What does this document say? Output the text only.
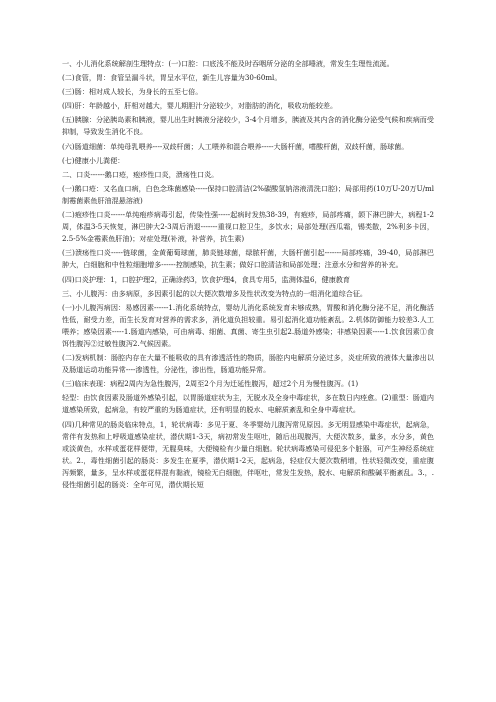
一、小儿消化系统解剖生理特点：(一)口腔：口底浅不能及时吞咽所分泌的全部唾液，常发生生理性流涎。

(二)食管，胃：食管呈漏斗状，胃呈水平位，新生儿容量为30-60ml。

(三)肠：相对成人较长，为身长的五至七倍。

(四)肝：年龄越小，肝相对越大，婴儿期胆汁分泌较少，对脂肪的消化，吸收功能较差。

(五)胰腺：分泌胰岛素和胰液，婴儿出生时胰液分泌较少，3-4个月增多，胰液及其内含的消化酶分泌受气候和疾病而受抑制，导致发生消化不良。

(六)肠道细菌：单纯母乳喂养----双歧杆菌；人工喂养和混合喂养-----大肠杆菌，嗜酸杆菌，双歧杆菌，肠球菌。

(七)健康小儿粪便：

二、口炎------鹅口疮，疱疹性口炎，溃疡性口炎。

(一)鹅口疮：又名血口病，白色念珠菌感染-----保持口腔清洁(2%碳酸氢钠溶液清洗口腔)；局部用药(10万U-20万U/ml制霉菌素鱼肝油混悬溶液)

(二)疱疹性口炎------单纯疱疹病毒引起，传染性强-----起病时发热38-39，有疱疹，局部疼痛，颌下淋巴肿大，病程1-2周，体温3-5天恢复，淋巴肿大2-3周后消退-------重视口腔卫生，多饮水；局部处理(西瓜霜，锡类散，2%利多卡因，2.5-5%金霉素鱼肝油)；对症处理(补液，补营养，抗生素)

(三)溃疡性口炎-----链球菌，金黄葡萄球菌，肺炎链球菌，绿脓杆菌，大肠杆菌引起-------局部疼痛，39-40，局部淋巴肿大，白细胞和中性粒细胞增多------控制感染，抗生素；做好口腔清洁和局部处理；注意水分和营养的补充。

(四)口炎护理：1，口腔护理2，正确涂药3，饮食护理4，食具专用5，监测体温6，健康教育

三、小儿腹泻：由多病原，多因素引起的以大便次数增多及性状改变为特点的一组消化道综合征。

(一)小儿腹泻病因：易感因素------1.消化系统特点，婴幼儿消化系统发育未够成熟，胃酸和消化酶分泌不足，消化酶活性低，耐受力差，而生长发育对营养的需求多，消化道负担较重。易引起消化道功能紊乱。2.机体防御能力较差3.人工喂养；感染因素-----1.肠道内感染，可由病毒、细菌、真菌、寄生虫引起2.肠道外感染；非感染因素-----1.饮食因素①食饵性腹泻②过敏性腹泻2.气候因素。

(二)发病机制：肠腔内存在大量不能吸收的具有渗透活性的物质，肠腔内电解质分泌过多，炎症所致的液体大量渗出以及肠道运动功能异常----渗透性，分泌性，渗出性，肠道功能异常。

(三)临床表现：病程2周内为急性腹泻，2周至2个月为迁延性腹泻，超过2个月为慢性腹泻。(1)

轻型：由饮食因素及肠道外感染引起，以胃肠道症状为主，无脱水及全身中毒症状，多在数日内痊愈。(2)重型：肠道内道感染所致，起病急，有较严重的为肠道症状，还有明显的脱水、电解质紊乱和全身中毒症状。

(四)几种常见的肠炎临床特点，1，轮状病毒：多见于夏、冬季婴幼儿腹泻常见原因。多无明显感染中毒症状，起病急，常伴有发热和上呼吸道感染症状，潜伏期1-3天，病初常发生呕吐，随后出现腹泻，大便次数多，量多，水分多，黄色或淡黄色，水样或蛋花样便带，无腥臭味，大便镜检有少量白细胞。轮状病毒感染可侵犯多个脏器，可产生神经系统症状。2.，毒性细菌引起的肠炎：多发生在夏季，潜伏期1-2天，起病急，轻症仅大便次数稍增，性状轻微改变，重症腹泻频繁，量多，呈水样或蛋花样混有黏液，镜检无白细胞，伴呕吐，常发生发热，脱水、电解质和酸碱平衡紊乱。3.，.侵性细菌引起的肠炎：全年可见，潜伏期长短
